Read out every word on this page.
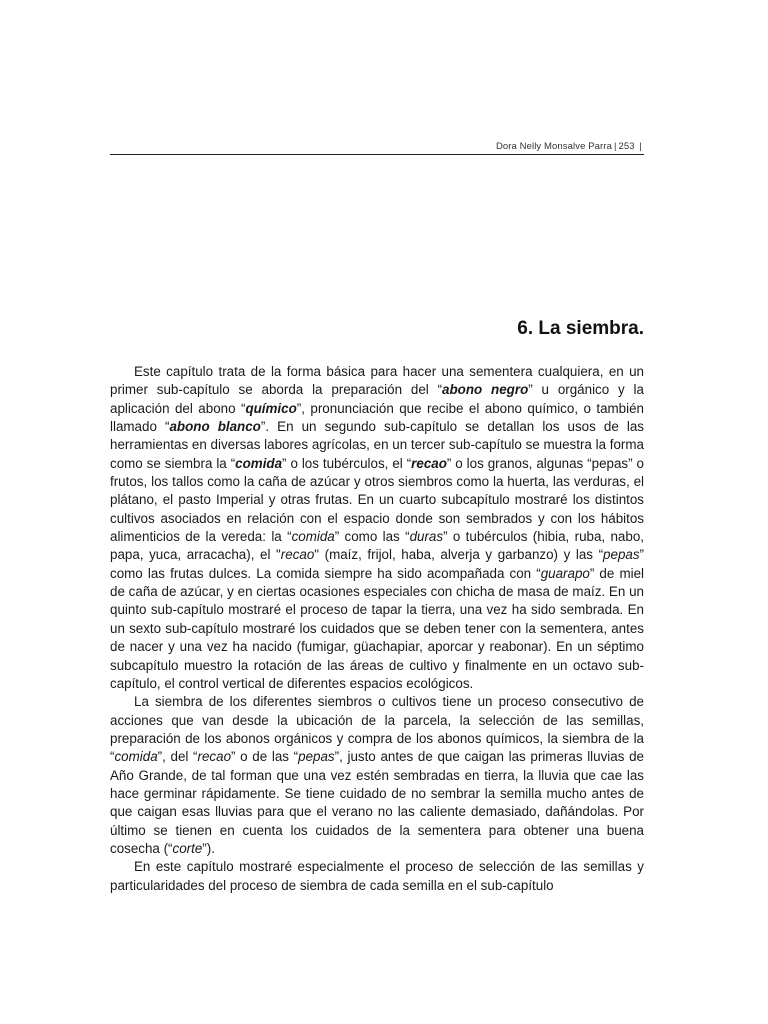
Dora Nelly Monsalve Parra | 253 |
6. La siembra.

Este capítulo trata de la forma básica para hacer una sementera cualquiera, en un primer sub-capítulo se aborda la preparación del “abono negro” u orgánico y la aplicación del abono “químico”, pronunciación que recibe el abono químico, o también llamado “abono blanco”. En un segundo sub-capítulo se detallan los usos de las herramientas en diversas labores agrícolas, en un tercer sub-capítulo se muestra la forma como se siembra la “comida” o los tubérculos, el “recao” o los granos, algunas “pepas” o frutos, los tallos como la caña de azúcar y otros siembros como la huerta, las verduras, el plátano, el pasto Imperial y otras frutas. En un cuarto subcapítulo mostraré los distintos cultivos asociados en relación con el espacio donde son sembrados y con los hábitos alimenticios de la vereda: la “comida” como las “duras” o tubérculos (hibia, ruba, nabo, papa, yuca, arracacha), el "recao" (maíz, frijol, haba, alverja y garbanzo) y las “pepas” como las frutas dulces. La comida siempre ha sido acompañada con “guarapo” de miel de caña de azúcar, y en ciertas ocasiones especiales con chicha de masa de maíz. En un quinto sub-capítulo mostraré el proceso de tapar la tierra, una vez ha sido sembrada. En un sexto sub-capítulo mostraré los cuidados que se deben tener con la sementera, antes de nacer y una vez ha nacido (fumigar, güachapiar, aporcar y reabonar). En un séptimo subcapítulo muestro la rotación de las áreas de cultivo y finalmente en un octavo subcapítulo, el control vertical de diferentes espacios ecológicos.

La siembra de los diferentes siembros o cultivos tiene un proceso consecutivo de acciones que van desde la ubicación de la parcela, la selección de las semillas, preparación de los abonos orgánicos y compra de los abonos químicos, la siembra de la “comida”, del “recao” o de las “pepas”, justo antes de que caigan las primeras lluvias de Año Grande, de tal forman que una vez estén sembradas en tierra, la lluvia que cae las hace germinar rápidamente. Se tiene cuidado de no sembrar la semilla mucho antes de que caigan esas lluvias para que el verano no las caliente demasiado, dañándolas. Por último se tienen en cuenta los cuidados de la sementera para obtener una buena cosecha (“corte”).

En este capítulo mostraré especialmente el proceso de selección de las semillas y particularidades del proceso de siembra de cada semilla en el sub-capítulo
